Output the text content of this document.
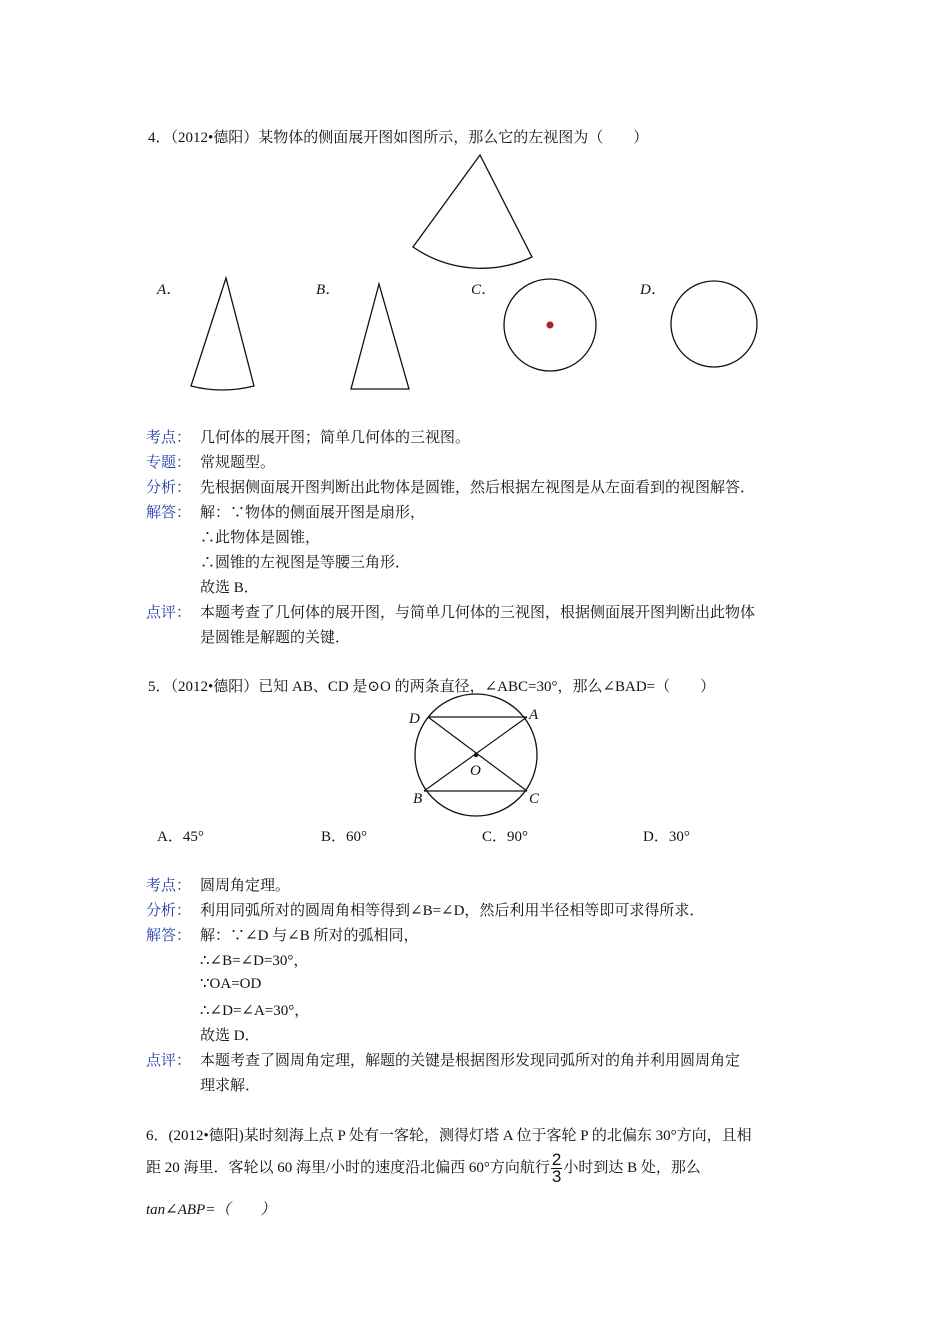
4．（2012•德阳）某物体的侧面展开图如图所示，那么它的左视图为（　　）
A．	B．	C．	D．
考点： 几何体的展开图；简单几何体的三视图。
专题： 常规题型。
分析： 先根据侧面展开图判断出此物体是圆锥，然后根据左视图是从左面看到的视图解答．
解答： 解：∵物体的侧面展开图是扇形，
∴此物体是圆锥，
∴圆锥的左视图是等腰三角形．
故选 B．
点评： 本题考查了几何体的展开图，与简单几何体的三视图，根据侧面展开图判断出此物体
是圆锥是解题的关键．
5．（2012•德阳）已知 AB、CD 是⊙O 的两条直径，∠ABC=30°，那么∠BAD=（　　）
D	A
O
B	C
A．45°	B．60°	C．90°	D．30°
考点： 圆周角定理。
分析： 利用同弧所对的圆周角相等得到∠B=∠D，然后利用半径相等即可求得所求．
解答： 解：∵∠D 与∠B 所对的弧相同，
∴∠B=∠D=30°，
∵OA=OD
∴∠D=∠A=30°，
故选 D．
点评： 本题考查了圆周角定理，解题的关键是根据图形发现同弧所对的角并利用圆周角定
理求解．
6．(2012•德阳)某时刻海上点 P 处有一客轮，测得灯塔 A 位于客轮 P 的北偏东 30°方向，且相
距 20 海里．客轮以 60 海里/小时的速度沿北偏西 60°方向航行 $\frac{2}{3}$ 小时到达 B 处，那么
tan∠ABP=（　　）
